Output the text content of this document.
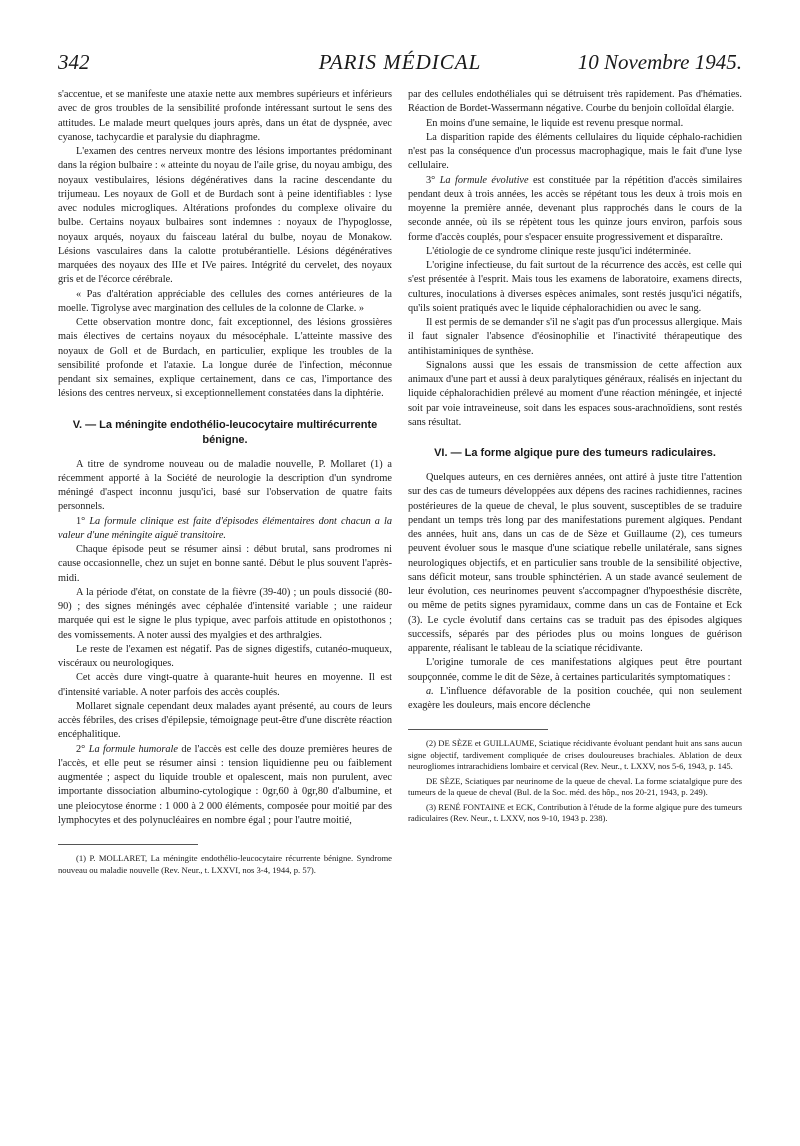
342	PARIS MÉDICAL	10 Novembre 1945.

s'accentue, et se manifeste une ataxie nette aux membres supérieurs et inférieurs avec de gros troubles de la sensibilité profonde intéressant surtout le sens des attitudes. Le malade meurt quelques jours après, dans un état de dyspnée, avec cyanose, tachycardie et paralysie du diaphragme.

L'examen des centres nerveux montre des lésions importantes prédominant dans la région bulbaire : « atteinte du noyau de l'aile grise, du noyau ambigu, des noyaux vestibulaires, lésions dégénératives dans la racine descendante du trijumeau. Les noyaux de Goll et de Burdach sont à peine identifiables : lyse avec nodules microgliques. Altérations profondes du complexe olivaire du bulbe. Certains noyaux bulbaires sont indemnes : noyaux de l'hypoglosse, noyaux arqués, noyaux du faisceau latéral du bulbe, noyau de Monakow. Lésions vasculaires dans la calotte protubérantielle. Lésions dégénératives marquées des noyaux des IIIe et IVe paires. Intégrité du cervelet, des noyaux gris et de l'écorce cérébrale.

« Pas d'altération appréciable des cellules des cornes antérieures de la moelle. Tigrolyse avec margination des cellules de la colonne de Clarke. »

Cette observation montre donc, fait exceptionnel, des lésions grossières mais électives de certains noyaux du mésocéphale. L'atteinte massive des noyaux de Goll et de Burdach, en particulier, explique les troubles de la sensibilité profonde et l'ataxie. La longue durée de l'infection, méconnue pendant six semaines, explique certainement, dans ce cas, l'importance des lésions des centres nerveux, si exceptionnellement constatées dans la diphtérie.

V. — La méningite endothélio-leucocytaire multirécurrente bénigne.

A titre de syndrome nouveau ou de maladie nouvelle, P. Mollaret (1) a récemment apporté à la Société de neurologie la description d'un syndrome méningé d'aspect inconnu jusqu'ici, basé sur l'observation de quatre faits personnels.

1° La formule clinique est faite d'épisodes élémentaires dont chacun a la valeur d'une méningite aiguë transitoire.

Chaque épisode peut se résumer ainsi : début brutal, sans prodromes ni cause occasionnelle, chez un sujet en bonne santé. Début le plus souvent l'après-midi.

A la période d'état, on constate de la fièvre (39-40) ; un pouls dissocié (80-90) ; des signes méningés avec céphalée d'intensité variable ; une raideur marquée qui est le signe le plus typique, avec parfois attitude en opistothonos ; des vomissements. A noter aussi des myalgies et des arthralgies.

Le reste de l'examen est négatif. Pas de signes digestifs, cutanéo-muqueux, viscéraux ou neurologiques.

Cet accès dure vingt-quatre à quarante-huit heures en moyenne. Il est d'intensité variable. A noter parfois des accès couplés.

Mollaret signale cependant deux malades ayant présenté, au cours de leurs accès fébriles, des crises d'épilepsie, témoignage peut-être d'une discrète réaction encéphalitique.

2° La formule humorale de l'accès est celle des douze premières heures de l'accès, et elle peut se résumer ainsi : tension liquidienne peu ou faiblement augmentée ; aspect du liquide trouble et opalescent, mais non purulent, avec importante dissociation albumino-cytologique : 0gr,60 à 0gr,80 d'albumine, et une pleiocytose énorme : 1 000 à 2 000 éléments, composée pour moitié par des lymphocytes et des polynucléaires en nombre égal ; pour l'autre moitié,

(1) P. MOLLARET, La méningite endothélio-leucocytaire récurrente bénigne. Syndrome nouveau ou maladie nouvelle (Rev. Neur., t. LXXVI, nos 3-4, 1944, p. 57).

par des cellules endothéliales qui se détruisent très rapidement. Pas d'hématies. Réaction de Bordet-Wassermann négative. Courbe du benjoin colloïdal élargie.

En moins d'une semaine, le liquide est revenu presque normal.

La disparition rapide des éléments cellulaires du liquide céphalo-rachidien n'est pas la conséquence d'un processus macrophagique, mais le fait d'une lyse cellulaire.

3° La formule évolutive est constituée par la répétition d'accès similaires pendant deux à trois années, les accès se répétant tous les deux à trois mois en moyenne la première année, devenant plus rapprochés dans le cours de la seconde année, où ils se répètent tous les quinze jours environ, parfois sous forme d'accès couplés, pour s'espacer ensuite progressivement et disparaître.

L'étiologie de ce syndrome clinique reste jusqu'ici indéterminée.

L'origine infectieuse, du fait surtout de la récurrence des accès, est celle qui s'est présentée à l'esprit. Mais tous les examens de laboratoire, examens directs, cultures, inoculations à diverses espèces animales, sont restés jusqu'ici négatifs, qu'ils soient pratiqués avec le liquide céphalorachidien ou avec le sang.

Il est permis de se demander s'il ne s'agit pas d'un processus allergique. Mais il faut signaler l'absence d'éosinophilie et l'inactivité thérapeutique des antihistaminiques de synthèse.

Signalons aussi que les essais de transmission de cette affection aux animaux d'une part et aussi à deux paralytiques généraux, réalisés en injectant du liquide céphalorachidien prélevé au moment d'une réaction méningée, et injecté soit par voie intraveineuse, soit dans les espaces sous-arachnoïdiens, sont restés sans résultat.

VI. — La forme algique pure des tumeurs radiculaires.

Quelques auteurs, en ces dernières années, ont attiré à juste titre l'attention sur des cas de tumeurs développées aux dépens des racines rachidiennes, racines postérieures de la queue de cheval, le plus souvent, susceptibles de se traduire pendant un temps très long par des manifestations purement algiques. Pendant des années, huit ans, dans un cas de de Sèze et Guillaume (2), ces tumeurs peuvent évoluer sous le masque d'une sciatique rebelle unilatérale, sans signes neurologiques objectifs, et en particulier sans trouble de la sensibilité objective, sans déficit moteur, sans trouble sphinctérien. A un stade avancé seulement de leur évolution, ces neurinomes peuvent s'accompagner d'hypoesthésie discrète, ou même de petits signes pyramidaux, comme dans un cas de Fontaine et Eck (3). Le cycle évolutif dans certains cas se traduit pas des épisodes algiques successifs, séparés par des périodes plus ou moins longues de guérison apparente, réalisant le tableau de la sciatique récidivante.

L'origine tumorale de ces manifestations algiques peut être pourtant soupçonnée, comme le dit de Sèze, à certaines particularités symptomatiques :

a. L'influence défavorable de la position couchée, qui non seulement exagère les douleurs, mais encore déclenche

(2) DE SÈZE et GUILLAUME, Sciatique récidivante évoluant pendant huit ans sans aucun signe objectif, tardivement compliquée de crises douloureuses brachiales. Ablation de deux neurogliomes intrarachidiens lombaire et cervical (Rev. Neur., t. LXXV, nos 5-6, 1943, p. 145.

DE SÈZE, Sciatiques par neurinome de la queue de cheval. La forme sciatalgique pure des tumeurs de la queue de cheval (Bul. de la Soc. méd. des hôp., nos 20-21, 1943, p. 249).

(3) RENÉ FONTAINE et ECK, Contribution à l'étude de la forme algique pure des tumeurs radiculaires (Rev. Neur., t. LXXV, nos 9-10, 1943 p. 238).
